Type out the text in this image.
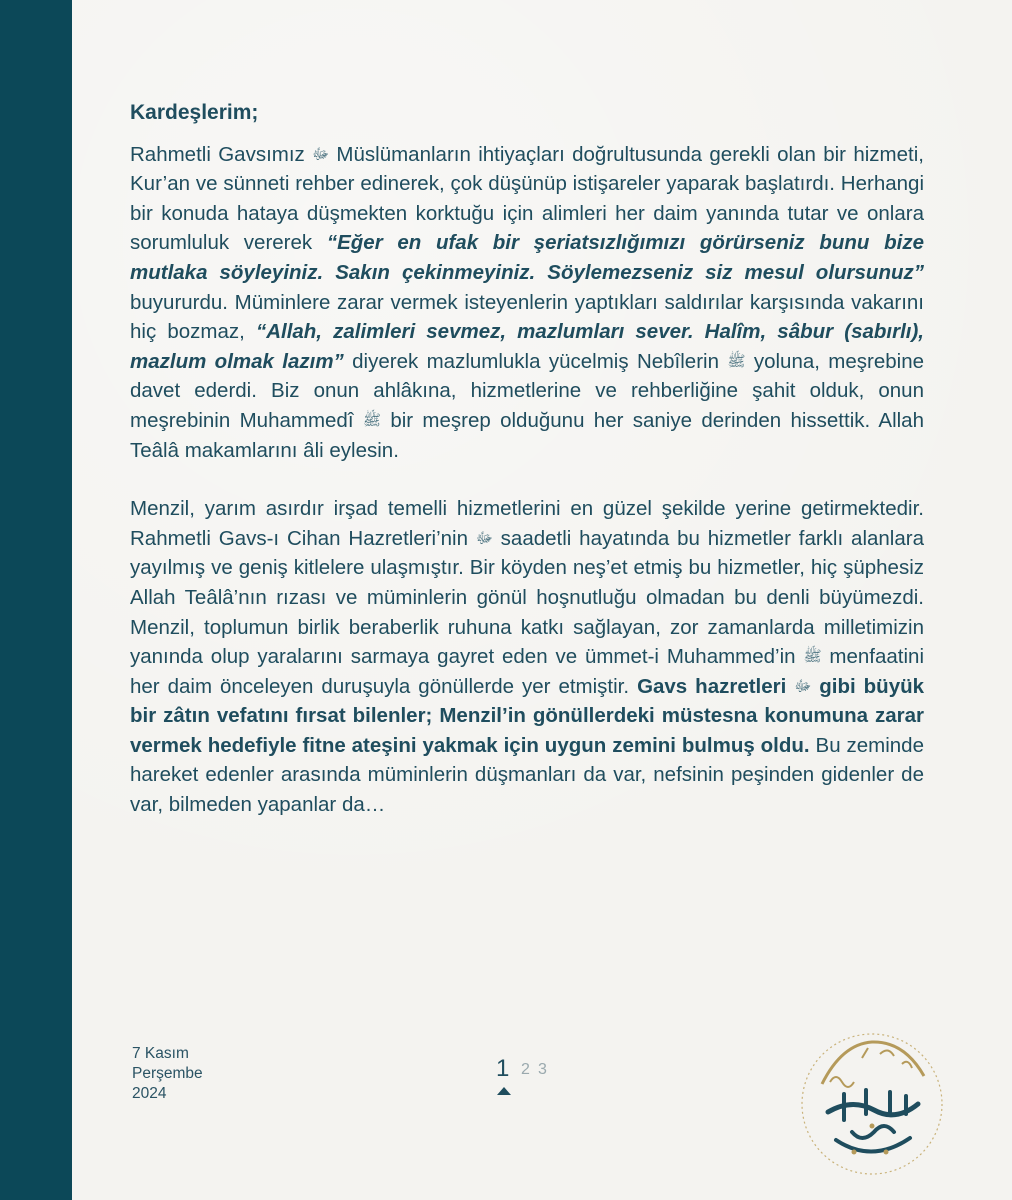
Kardeşlerim;

Rahmetli Gavsımız ﷻ Müslümanların ihtiyaçları doğrultusunda gerekli olan bir hizmeti, Kur’an ve sünneti rehber edinerek, çok düşünüp istişareler yaparak başlatırdı. Herhangi bir konuda hataya düşmekten korktuğu için alimleri her daim yanında tutar ve onlara sorumluluk vererek “Eğer en ufak bir şeriatsızlığımızı görürseniz bunu bize mutlaka söyleyiniz. Sakın çekinmeyiniz. Söylemezseniz siz mesul olursunuz” buyururdu. Müminlere zarar vermek isteyenlerin yaptıkları saldırılar karşısında vakarını hiç bozmaz, “Allah, zalimleri sevmez, mazlumları sever. Halîm, sâbur (sabırlı), mazlum olmak lazım” diyerek mazlumlukla yücelmiş Nebîlerin ﷺ yoluna, meşrebine davet ederdi. Biz onun ahlâkına, hizmetlerine ve rehberliğine şahit olduk, onun meşrebinin Muhammedî ﷺ bir meşrep olduğunu her saniye derinden hissettik. Allah Teâlâ makamlarını âli eylesin.

Menzil, yarım asırdır irşad temelli hizmetlerini en güzel şekilde yerine getirmektedir. Rahmetli Gavs-ı Cihan Hazretleri’nin ﷻ saadetli hayatında bu hizmetler farklı alanlara yayılmış ve geniş kitlelere ulaşmıştır. Bir köyden neş’et etmiş bu hizmetler, hiç şüphesiz Allah Teâlâ’nın rızası ve müminlerin gönül hoşnutluğu olmadan bu denli büyümezdi. Menzil, toplumun birlik beraberlik ruhuna katkı sağlayan, zor zamanlarda milletimizin yanında olup yaralarını sarmaya gayret eden ve ümmet-i Muhammed’in ﷺ menfaatini her daim önceleyen duruşuyla gönüllerde yer etmiştir. Gavs hazretleri ﷻ gibi büyük bir zâtın vefatını fırsat bilenler; Menzil’in gönüllerdeki müstesna konumuna zarar vermek hedefiyle fitne ateşini yakmak için uygun zemini bulmuş oldu. Bu zeminde hareket edenler arasında müminlerin düşmanları da var, nefsinin peşinden gidenler de var, bilmeden yapanlar da…

7 Kasım
Perşembe
2024
1 2 3
